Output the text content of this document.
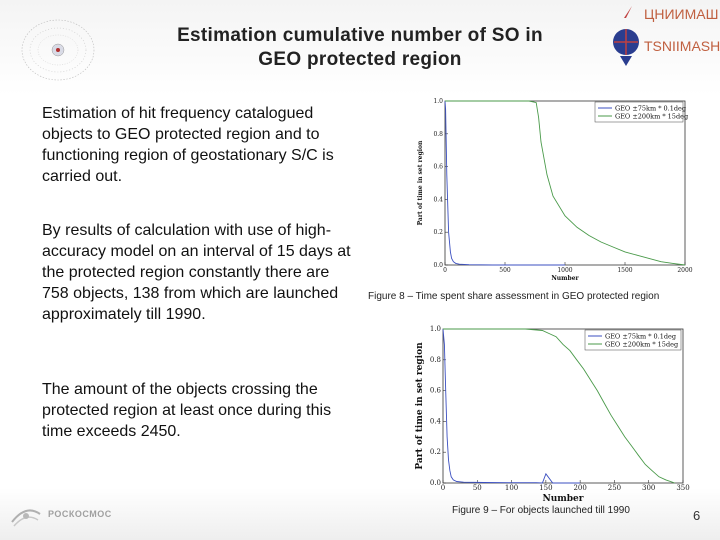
Estimation cumulative number of SO in
GEO protected region
ЦНИИМАШ
TSNIIMASH
Estimation of hit frequency catalogued objects to GEO protected region and to functioning region of geostationary S/C is carried out.
By results of calculation with use of high-accuracy model on an interval of 15 days at the protected region constantly there are 758 objects, 138 from which are launched approximately till 1990.
The amount of the objects crossing the protected region at least once during this time exceeds 2450.
0	500	1000	1500	2000
0.0
0.2
0.4
0.6
0.8
1.0
Number
Part of time in set region
GEO ±75km * 0.1deg
GEO ±200km * 15deg
Figure 8 – Time spent share assessment in GEO protected region
0	50	100	150	200	250	300	350
0.0
0.2
0.4
0.6
0.8
1.0
Number
Part of time in set region
GEO ±75km * 0.1deg
GEO ±200km * 15deg
Figure 9 – For objects launched till 1990
РОСКОСМОС	6
